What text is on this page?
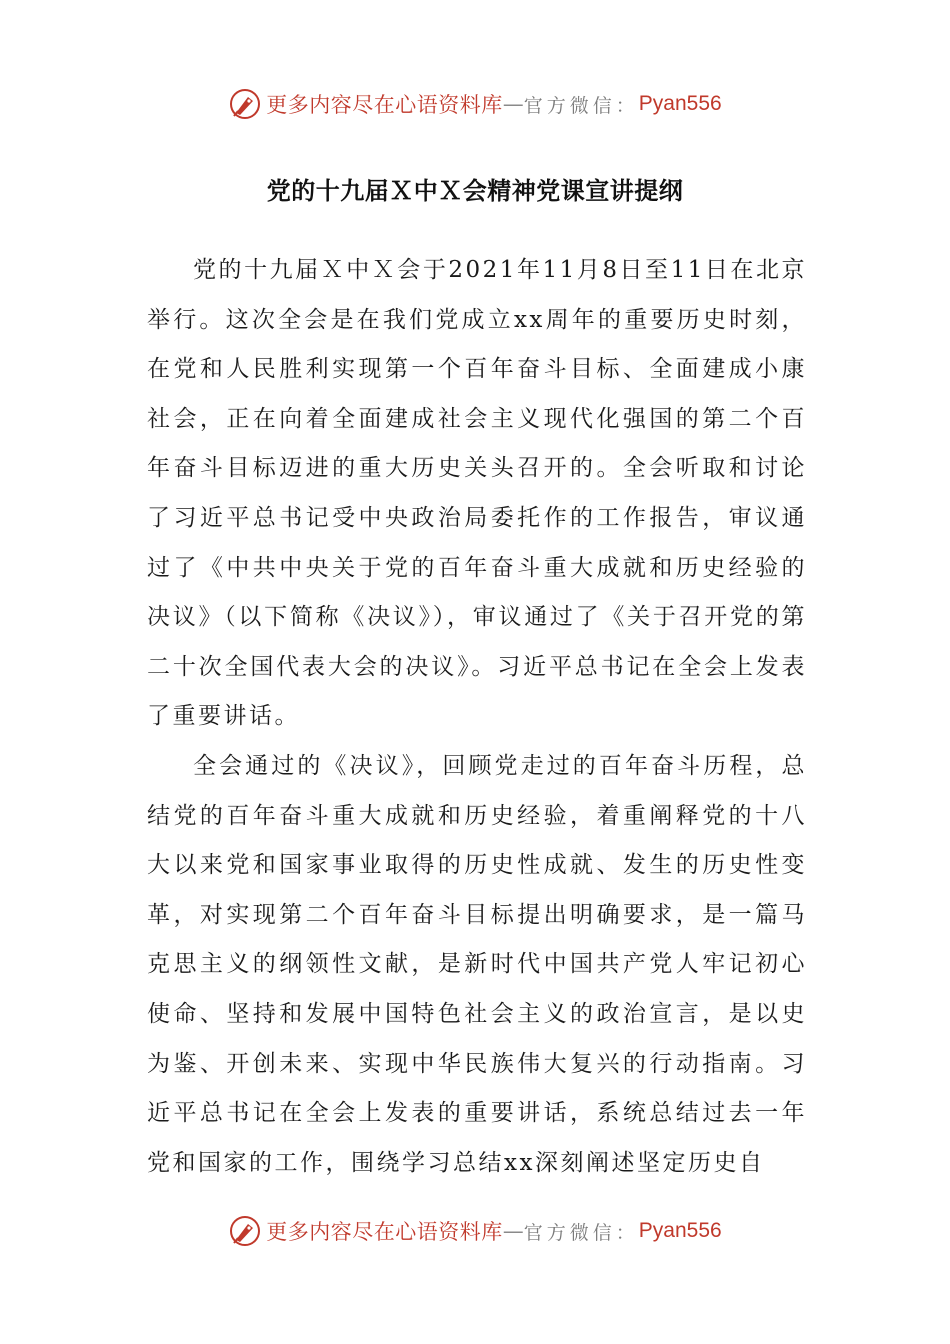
更多内容尽在心语资料库 — 官方微信： Pyan556
党的十九届Ｘ中Ｘ会精神党课宣讲提纲

党的十九届Ｘ中Ｘ会于2021年11月8日至11日在北京举行。这次全会是在我们党成立xx周年的重要历史时刻，在党和人民胜利实现第一个百年奋斗目标、全面建成小康社会，正在向着全面建成社会主义现代化强国的第二个百年奋斗目标迈进的重大历史关头召开的。全会听取和讨论了习近平总书记受中央政治局委托作的工作报告，审议通过了《中共中央关于党的百年奋斗重大成就和历史经验的决议》（以下简称《决议》），审议通过了《关于召开党的第二十次全国代表大会的决议》。习近平总书记在全会上发表了重要讲话。

全会通过的《决议》，回顾党走过的百年奋斗历程，总结党的百年奋斗重大成就和历史经验，着重阐释党的十八大以来党和国家事业取得的历史性成就、发生的历史性变革，对实现第二个百年奋斗目标提出明确要求，是一篇马克思主义的纲领性文献，是新时代中国共产党人牢记初心使命、坚持和发展中国特色社会主义的政治宣言，是以史为鉴、开创未来、实现中华民族伟大复兴的行动指南。习近平总书记在全会上发表的重要讲话，系统总结过去一年党和国家的工作，围绕学习总结xx深刻阐述坚定历史自

更多内容尽在心语资料库 — 官方微信： Pyan556
